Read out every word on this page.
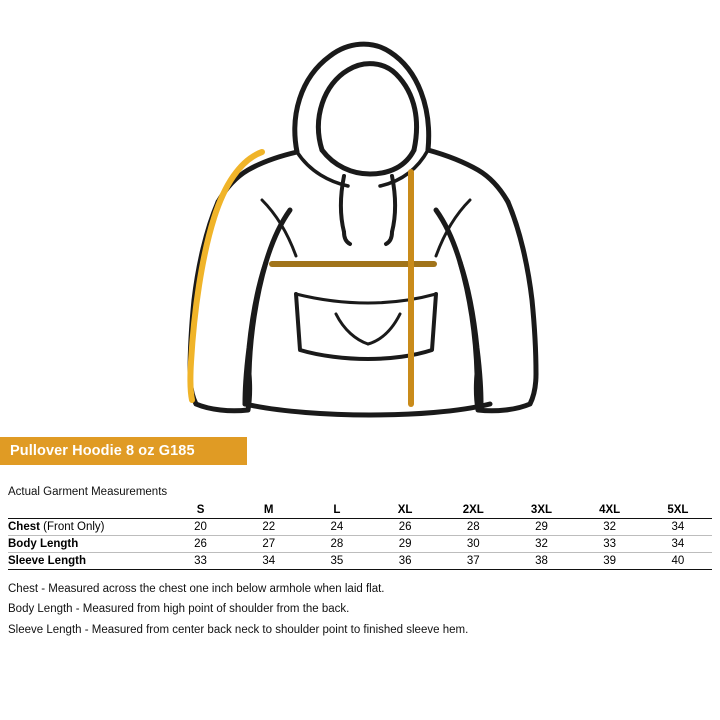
Pullover Hoodie 8 oz G185
Actual Garment Measurements
	S	M	L	XL	2XL	3XL	4XL	5XL
Chest (Front Only)	20	22	24	26	28	29	32	34
Body Length	26	27	28	29	30	32	33	34
Sleeve Length	33	34	35	36	37	38	39	40

Chest - Measured across the chest one inch below armhole when laid flat.

Body Length - Measured from high point of shoulder from the back.

Sleeve Length - Measured from center back neck to shoulder point to finished sleeve hem.
